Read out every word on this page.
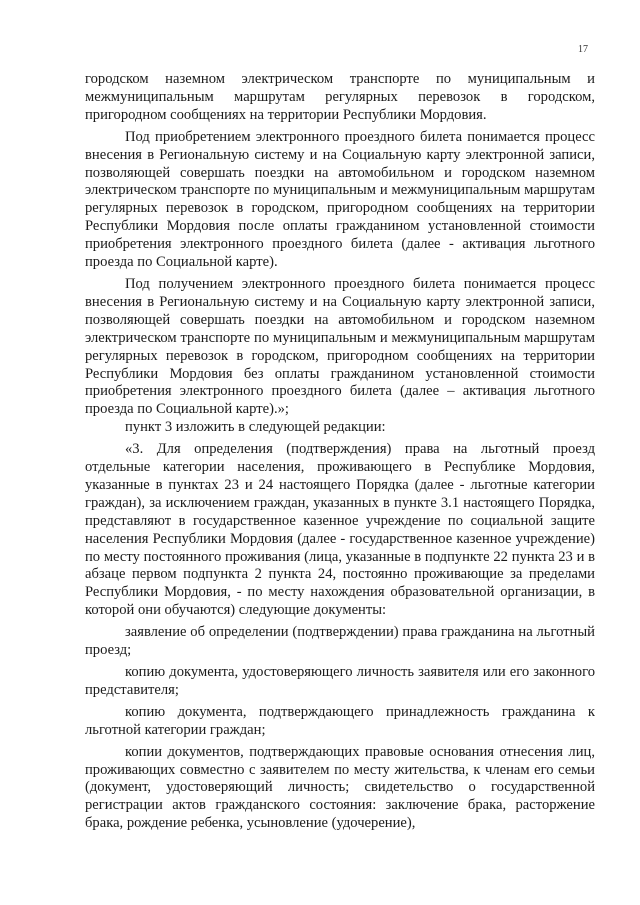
17

городском наземном электрическом транспорте по муниципальным и межмуниципальным маршрутам регулярных перевозок в городском, пригородном сообщениях на территории Республики Мордовия.

Под приобретением электронного проездного билета понимается процесс внесения в Региональную систему и на Социальную карту электронной записи, позволяющей совершать поездки на автомобильном и городском наземном электрическом транспорте по муниципальным и межмуниципальным маршрутам регулярных перевозок в городском, пригородном сообщениях на территории Республики Мордовия после оплаты гражданином установленной стоимости приобретения электронного проездного билета (далее - активация льготного проезда по Социальной карте).

Под получением электронного проездного билета понимается процесс внесения в Региональную систему и на Социальную карту электронной записи, позволяющей совершать поездки на автомобильном и городском наземном электрическом транспорте по муниципальным и межмуниципальным маршрутам регулярных перевозок в городском, пригородном сообщениях на территории Республики Мордовия без оплаты гражданином установленной стоимости приобретения электронного проездного билета (далее – активация льготного проезда по Социальной карте).»;

пункт 3 изложить в следующей редакции:

«3. Для определения (подтверждения) права на льготный проезд отдельные категории населения, проживающего в Республике Мордовия, указанные в пунктах 23 и 24 настоящего Порядка (далее - льготные категории граждан), за исключением граждан, указанных в пункте 3.1 настоящего Порядка, представляют в государственное казенное учреждение по социальной защите населения Республики Мордовия (далее - государственное казенное учреждение) по месту постоянного проживания (лица, указанные в подпункте 22 пункта 23 и в абзаце первом подпункта 2 пункта 24, постоянно проживающие за пределами Республики Мордовия, - по месту нахождения образовательной организации, в которой они обучаются) следующие документы:

заявление об определении (подтверждении) права гражданина на льготный проезд;

копию документа, удостоверяющего личность заявителя или его законного представителя;

копию документа, подтверждающего принадлежность гражданина к льготной категории граждан;

копии документов, подтверждающих правовые основания отнесения лиц, проживающих совместно с заявителем по месту жительства, к членам его семьи (документ, удостоверяющий личность; свидетельство о государственной регистрации актов гражданского состояния: заключение брака, расторжение брака, рождение ребенка, усыновление (удочерение),
